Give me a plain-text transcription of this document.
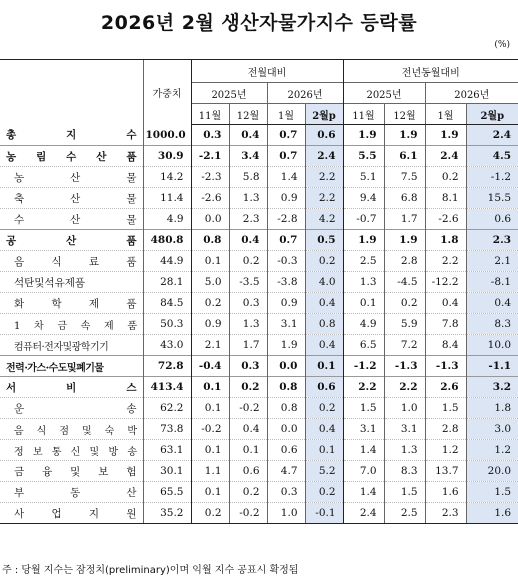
2026년 2월 생산자물가지수 등락률
(%)
	가중치	전월대비				전년동월대비			
		2025년		2026년		2025년		2026년	
		11월	12월	1월	2월p	11월	12월	1월	2월p
총 지 수	1000.0	0.3	0.4	0.7	0.6	1.9	1.9	1.9	2.4
농 림 수 산 품	30.9	-2.1	3.4	0.7	2.4	5.5	6.1	2.4	4.5
농 산 물	14.2	-2.3	5.8	1.4	2.2	5.1	7.5	0.2	-1.2
축 산 물	11.4	-2.6	1.3	0.9	2.2	9.4	6.8	8.1	15.5
수 산 물	4.9	0.0	2.3	-2.8	4.2	-0.7	1.7	-2.6	0.6
공 산 품	480.8	0.8	0.4	0.7	0.5	1.9	1.9	1.8	2.3
음 식 료 품	44.9	0.1	0.2	-0.3	0.2	2.5	2.8	2.2	2.1
석탄및석유제품	28.1	5.0	-3.5	-3.8	4.0	1.3	-4.5	-12.2	-8.1
화 학 제 품	84.5	0.2	0.3	0.9	0.4	0.1	0.2	0.4	0.4
1 차 금 속 제 품	50.3	0.9	1.3	3.1	0.8	4.9	5.9	7.8	8.3
컴퓨터·전자및광학기기	43.0	2.1	1.7	1.9	0.4	6.5	7.2	8.4	10.0
전력·가스·수도및폐기물	72.8	-0.4	0.3	0.0	0.1	-1.2	-1.3	-1.3	-1.1
서 비 스	413.4	0.1	0.2	0.8	0.6	2.2	2.2	2.6	3.2
운 송	62.2	0.1	-0.2	0.8	0.2	1.5	1.0	1.5	1.8
음 식 점 및 숙 박	73.8	-0.2	0.4	0.0	0.4	3.1	3.1	2.8	3.0
정 보 통 신 및 방 송	63.1	0.1	0.1	0.6	0.1	1.4	1.3	1.2	1.2
금 융 및 보 험	30.1	1.1	0.6	4.7	5.2	7.0	8.3	13.7	20.0
부 동 산	65.5	0.1	0.2	0.3	0.2	1.4	1.5	1.6	1.5
사 업 지 원	35.2	0.2	-0.2	1.0	-0.1	2.4	2.5	2.3	1.6
주 : 당월 지수는 잠정치(preliminary)이며 익월 지수 공표시 확정됨
